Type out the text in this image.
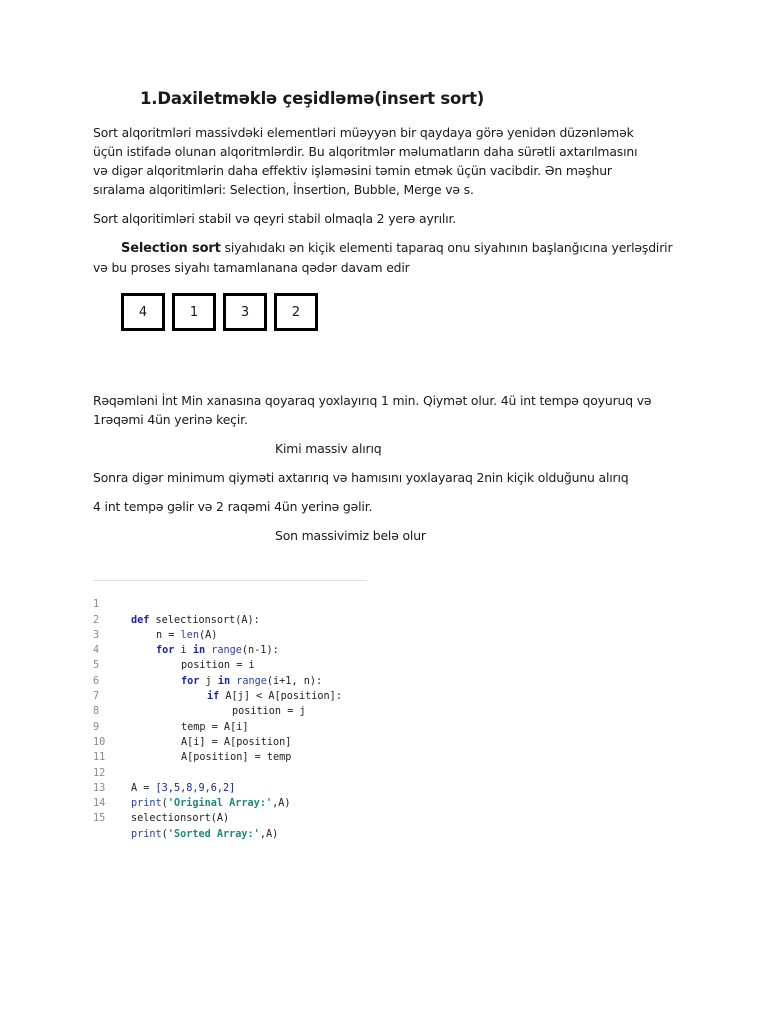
1.Daxiletməklə çeşidləmə(insert sort)

Sort alqoritmləri massivdəki elementləri müəyyən bir qaydaya görə yenidən düzənləmək

üçün istifadə olunan alqoritmlərdir. Bu alqoritmlər məlumatların daha sürətli axtarılmasını

və digər alqoritmlərin daha effektiv işləməsini təmin etmək üçün vacibdir. Ən məşhur

sıralama alqoritimləri: Selection, İnsertion, Bubble, Merge və s.

Sort alqoritimləri stabil və qeyri stabil olmaqla 2 yerə ayrılır.

Selection sort siyahıdakı ən kiçik elementi taparaq onu siyahının başlanğıcına yerləşdirir

və bu proses siyahı tamamlanana qədər davam edir

4	1	3	2

Rəqəmləni İnt Min xanasına qoyaraq yoxlayırıq 1 min. Qiymət olur. 4ü int tempə qoyuruq və

1rəqəmi 4ün yerinə keçir.

Kimi massiv alırıq

Sonra digər minimum qiyməti axtarırıq və hamısını yoxlayaraq 2nin kiçik olduğunu alırıq

4 int tempə gəlir və 2 raqəmi 4ün yerinə gəlir.

Son massivimiz belə olur

1

def selectionsort(A):

2

n = len(A)

3

for i in range(n-1):

4

position = i

5

for j in range(i+1, n):

6

if A[j] < A[position]:

7

position = j

8

temp = A[i]

9

A[i] = A[position]

10

A[position] = temp

11

12

A = [3,5,8,9,6,2]

13

print('Original Array:',A)

14

selectionsort(A)

15

print('Sorted Array:',A)
